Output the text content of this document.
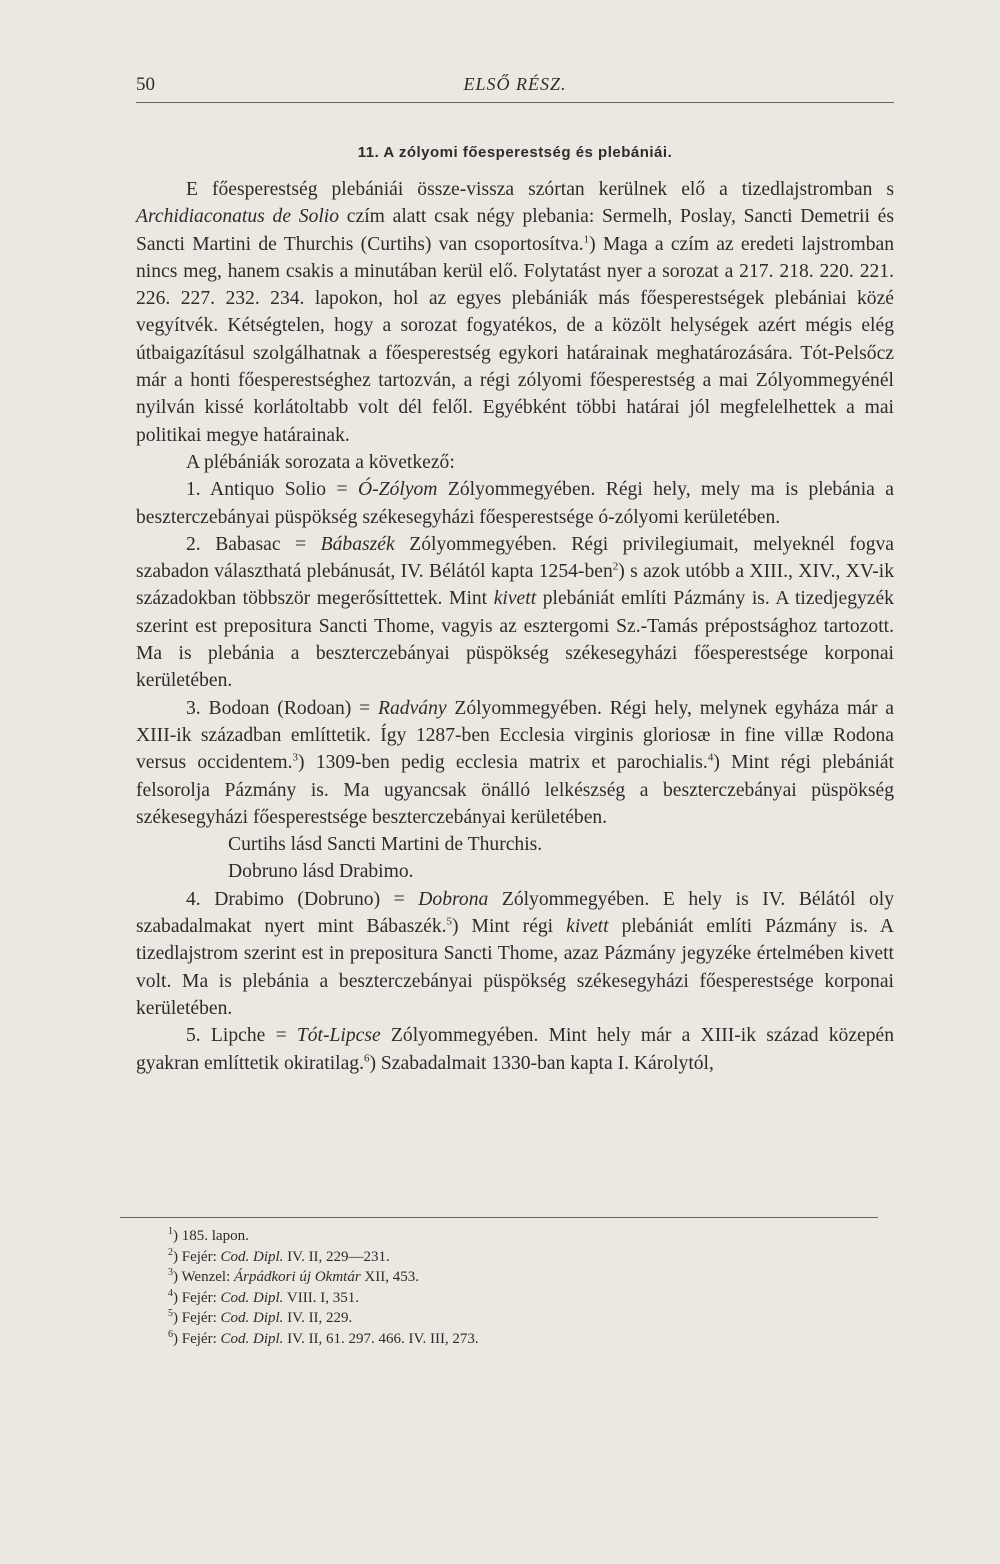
50	ELSŐ RÉSZ.
11. A zólyomi főesperestség és plebániái.

E főesperestség plebániái össze-vissza szórtan kerülnek elő a tizedlajstromban s Archidiaconatus de Solio czím alatt csak négy plebania: Sermelh, Poslay, Sancti Demetrii és Sancti Martini de Thurchis (Curtihs) van csoportosítva.$^1$) Maga a czím az eredeti lajstromban nincs meg, hanem csakis a minutában kerül elő. Folytatást nyer a sorozat a 217. 218. 220. 221. 226. 227. 232. 234. lapokon, hol az egyes plebániák más főesperestségek plebániai közé vegyítvék. Kétségtelen, hogy a sorozat fogyatékos, de a közölt helységek azért mégis elég útbaigazításul szolgálhatnak a főesperestség egykori határainak meghatározására. Tót-Pelsőcz már a honti főesperestséghez tartozván, a régi zólyomi főesperestség a mai Zólyommegyénél nyilván kissé korlátoltabb volt dél felől. Egyébként többi határai jól megfelelhettek a mai politikai megye határainak.

A plébániák sorozata a következő:

1. Antiquo Solio = Ó-Zólyom Zólyommegyében. Régi hely, mely ma is plebánia a beszterczebányai püspökség székesegyházi főesperestsége ó-zólyomi kerületében.

2. Babasac = Bábaszék Zólyommegyében. Régi privilegiumait, melyeknél fogva szabadon választhatá plebánusát, IV. Bélától kapta 1254-ben$^2$) s azok utóbb a XIII., XIV., XV-ik századokban többször megerősíttettek. Mint kivett plebániát említi Pázmány is. A tizedjegyzék szerint est prepositura Sancti Thome, vagyis az esztergomi Sz.-Tamás prépostsághoz tartozott. Ma is plebánia a beszterczebányai püspökség székesegyházi főesperestsége korponai kerületében.

3. Bodoan (Rodoan) = Radvány Zólyommegyében. Régi hely, melynek egyháza már a XIII-ik században említtetik. Így 1287-ben Ecclesia virginis gloriosæ in fine villæ Rodona versus occidentem.$^3$) 1309-ben pedig ecclesia matrix et parochialis.$^4$) Mint régi plebániát felsorolja Pázmány is. Ma ugyancsak önálló lelkészség a beszterczebányai püspökség székesegyházi főesperestsége beszterczebányai kerületében.

Curtihs lásd Sancti Martini de Thurchis.

Dobruno lásd Drabimo.

4. Drabimo (Dobruno) = Dobrona Zólyommegyében. E hely is IV. Bélától oly szabadalmakat nyert mint Bábaszék.$^5$) Mint régi kivett plebániát említi Pázmány is. A tizedlajstrom szerint est in prepositura Sancti Thome, azaz Pázmány jegyzéke értelmében kivett volt. Ma is plebánia a beszterczebányai püspökség székesegyházi főesperestsége korponai kerületében.

5. Lipche = Tót-Lipcse Zólyommegyében. Mint hely már a XIII-ik század közepén gyakran említtetik okiratilag.$^6$) Szabadalmait 1330-ban kapta I. Károlytól,

$^1$) 185. lapon.
$^2$) Fejér: Cod. Dipl. IV. II, 229—231.
$^3$) Wenzel: Árpádkori új Okmtár XII, 453.
$^4$) Fejér: Cod. Dipl. VIII. I, 351.
$^5$) Fejér: Cod. Dipl. IV. II, 229.
$^6$) Fejér: Cod. Dipl. IV. II, 61. 297. 466. IV. III, 273.
